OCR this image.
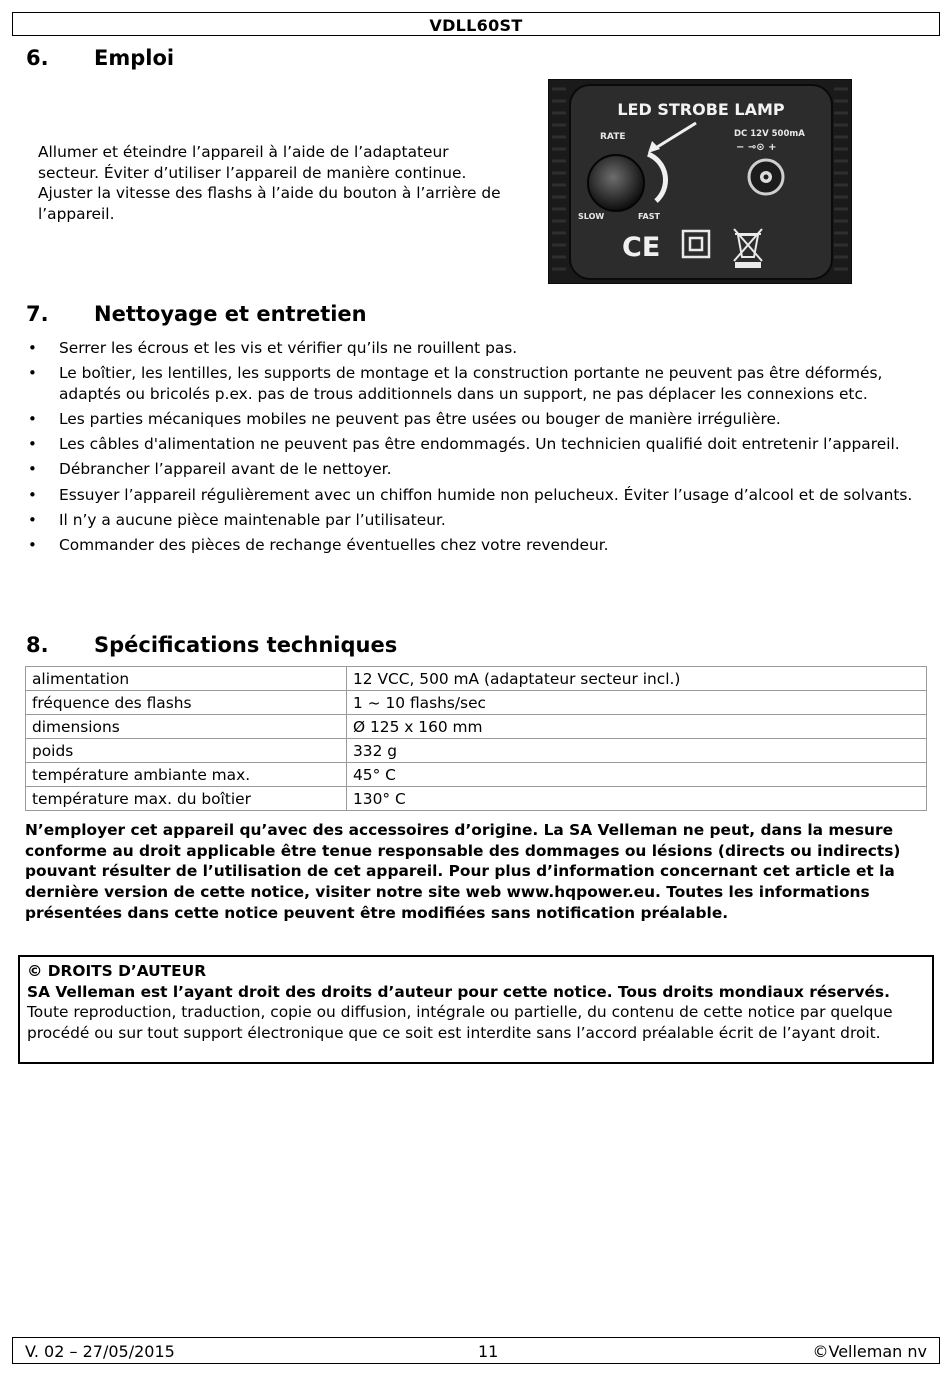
VDLL60ST
6. Emploi
Allumer et éteindre l’appareil à l’aide de l’adaptateur secteur. Éviter d’utiliser l’appareil de manière continue. Ajuster la vitesse des flashs à l’aide du bouton à l’arrière de l’appareil.
LED STROBE LAMP
RATE
SLOW	FAST
DC 12V 500mA
− ⊸⊙ +
CE
7. Nettoyage et entretien
• Serrer les écrous et les vis et vérifier qu’ils ne rouillent pas.
• Le boîtier, les lentilles, les supports de montage et la construction portante ne peuvent pas être déformés, adaptés ou bricolés p.ex. pas de trous additionnels dans un support, ne pas déplacer les connexions etc.
• Les parties mécaniques mobiles ne peuvent pas être usées ou bouger de manière irrégulière.
• Les câbles d'alimentation ne peuvent pas être endommagés. Un technicien qualifié doit entretenir l’appareil.
• Débrancher l’appareil avant de le nettoyer.
• Essuyer l’appareil régulièrement avec un chiffon humide non pelucheux. Éviter l’usage d’alcool et de solvants.
• Il n’y a aucune pièce maintenable par l’utilisateur.
• Commander des pièces de rechange éventuelles chez votre revendeur.
8. Spécifications techniques
alimentation	12 VCC, 500 mA (adaptateur secteur incl.)
fréquence des flashs	1 ~ 10 flashs/sec
dimensions	Ø 125 x 160 mm
poids	332 g
température ambiante max.	45° C
température max. du boîtier	130° C
N’employer cet appareil qu’avec des accessoires d’origine. La SA Velleman ne peut, dans la mesure conforme au droit applicable être tenue responsable des dommages ou lésions (directs ou indirects) pouvant résulter de l’utilisation de cet appareil. Pour plus d’information concernant cet article et la dernière version de cette notice, visiter notre site web www.hqpower.eu. Toutes les informations présentées dans cette notice peuvent être modifiées sans notification préalable.
© DROITS D’AUTEUR
SA Velleman est l’ayant droit des droits d’auteur pour cette notice. Tous droits mondiaux réservés. Toute reproduction, traduction, copie ou diffusion, intégrale ou partielle, du contenu de cette notice par quelque procédé ou sur tout support électronique que ce soit est interdite sans l’accord préalable écrit de l’ayant droit.
V. 02 – 27/05/2015	11	©Velleman nv
